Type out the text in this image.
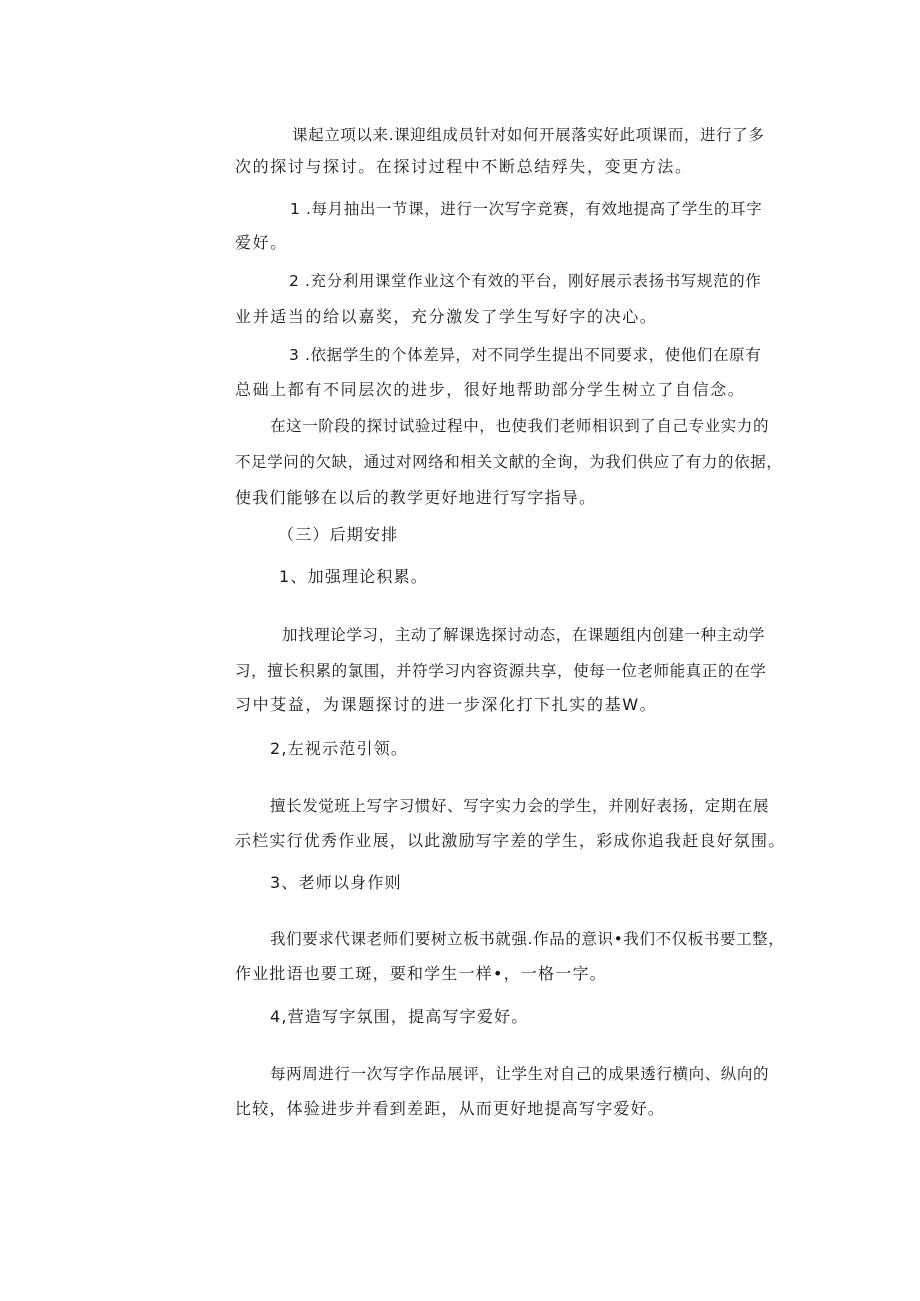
课起立项以来.课迎组成员针对如何开展落实好此项课而，进行了多
次的探讨与探讨。在探讨过程中不断总结殍失，变更方法。
1 .每月抽出一节课，进行一次写字竞赛，有效地提高了学生的耳字
爱好。
2 .充分利用课堂作业这个有效的平台，刚好展示表扬书写规范的作
业并适当的给以嘉奖，充分激发了学生写好字的决心。
3 .依据学生的个体差异，对不同学生提出不同要求，使他们在原有
总础上都有不同层次的进步，很好地帮助部分学生树立了自信念。
在这一阶段的探讨试验过程中，也使我们老师相识到了自己专业实力的
不足学问的欠缺，通过对网络和相关文献的全询，为我们供应了有力的依据，
使我们能够在以后的教学更好地进行写字指导。
（三）后期安排
1、加强理论积累。
加找理论学习，主动了解课选探讨动态，在课题组内创建一种主动学
习，擅长积累的氯围，并符学习内容资源共享，使每一位老师能真正的在学
习中芟益，为课题探讨的进一步深化打下扎实的基W。
2,左视示范引领。
擅长发觉班上写字习惯好、写字实力会的学生，并刚好表扬，定期在展
示栏实行优秀作业展，以此激励写字差的学生，彩成你追我赶良好氛围。
3、老师以身作则
我们要求代课老师们要树立板书就强.作品的意识•我们不仅板书要工整，
作业批语也要工斑，要和学生一样•，一格一字。
4,营造写字氛围，提高写字爱好。
每两周进行一次写字作品展评，让学生对自己的成果透行横向、纵向的
比较，体验进步并看到差距，从而更好地提高写字爱好。
